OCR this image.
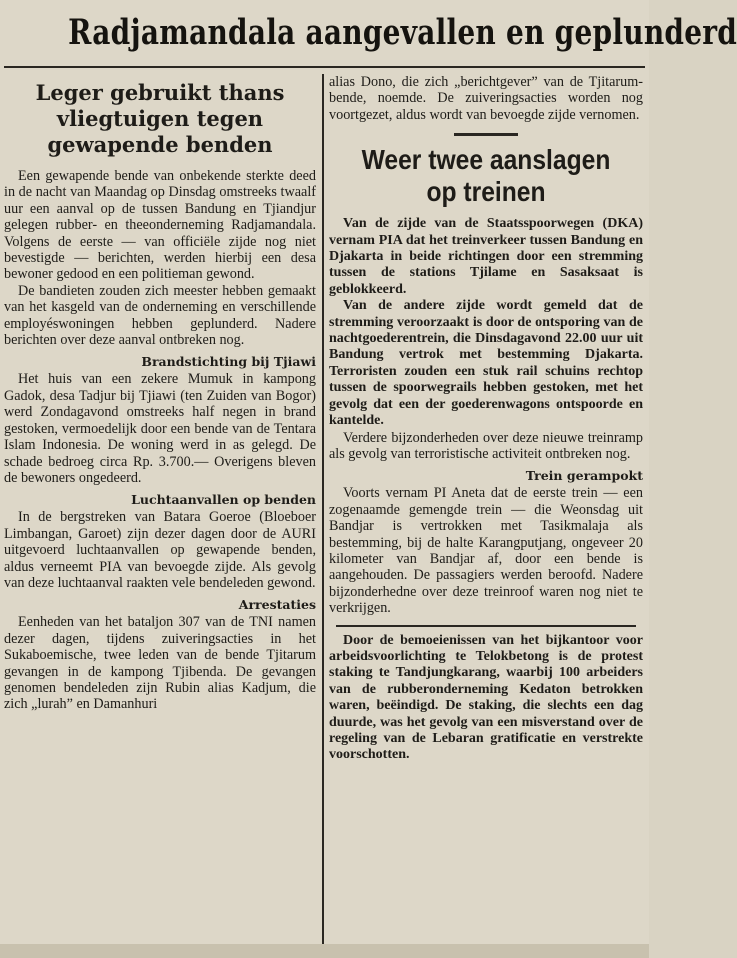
Radjamandala aangevallen en geplunderd
Leger gebruikt thans vliegtuigen tegen gewapende benden

Een gewapende bende van onbekende sterkte deed in de nacht van Maandag op Dinsdag omstreeks twaalf uur een aanval op de tussen Bandung en Tjiandjur gelegen rubber- en theeonderneming Radjamandala. Volgens de eerste — van officiële zijde nog niet bevestigde — berichten, werden hierbij een desa bewoner gedood en een politieman gewond.

De bandieten zouden zich meester hebben gemaakt van het kasgeld van de onderneming en verschillende employéswoningen hebben geplunderd. Nadere berichten over deze aanval ontbreken nog.

Brandstichting bij Tjiawi

Het huis van een zekere Mumuk in kampong Gadok, desa Tadjur bij Tjiawi (ten Zuiden van Bogor) werd Zondagavond omstreeks half negen in brand gestoken, vermoedelijk door een bende van de Tentara Islam Indonesia. De woning werd in as gelegd. De schade bedroeg circa Rp. 3.700.— Overigens bleven de bewoners ongedeerd.

Luchtaanvallen op benden

In de bergstreken van Batara Goeroe (Bloeboer Limbangan, Garoet) zijn dezer dagen door de AURI uitgevoerd luchtaanvallen op gewapende benden, aldus verneemt PIA van bevoegde zijde. Als gevolg van deze luchtaanval raakten vele bendeleden gewond.

Arrestaties

Eenheden van het bataljon 307 van de TNI namen dezer dagen, tijdens zuiveringsacties in het Sukaboemische, twee leden van de bende Tjitarum gevangen in de kampong Tjibenda. De gevangen genomen bendeleden zijn Rubin alias Kadjum, die zich „lurah” en Damanhuri

alias Dono, die zich „berichtgever” van de Tjitarum-bende, noemde. De zuiveringsacties worden nog voortgezet, aldus wordt van bevoegde zijde vernomen.

Weer twee aanslagen op treinen

Van de zijde van de Staatsspoorwegen (DKA) vernam PIA dat het treinverkeer tussen Bandung en Djakarta in beide richtingen door een stremming tussen de stations Tjilame en Sasaksaat is geblokkeerd.

Van de andere zijde wordt gemeld dat de stremming veroorzaakt is door de ontsporing van de nachtgoederentrein, die Dinsdagavond 22.00 uur uit Bandung vertrok met bestemming Djakarta. Terroristen zouden een stuk rail schuins rechtop tussen de spoorwegrails hebben gestoken, met het gevolg dat een der goederenwagons ontspoorde en kantelde.

Verdere bijzonderheden over deze nieuwe treinramp als gevolg van terroristische activiteit ontbreken nog.

Trein gerampokt

Voorts vernam PI Aneta dat de eerste trein — een zogenaamde gemengde trein — die Weonsdag uit Bandjar is vertrokken met Tasikmalaja als bestemming, bij de halte Karangputjang, ongeveer 20 kilometer van Bandjar af, door een bende is aangehouden. De passagiers werden beroofd. Nadere bijzonderhedne over deze treinroof waren nog niet te verkrijgen.

Door de bemoeienissen van het bijkantoor voor arbeidsvoorlichting te Telokbetong is de protest staking te Tandjungkarang, waarbij 100 arbeiders van de rubberonderneming Kedaton betrokken waren, beëindigd. De staking, die slechts een dag duurde, was het gevolg van een misverstand over de regeling van de Lebaran gratificatie en verstrekte voorschotten.
